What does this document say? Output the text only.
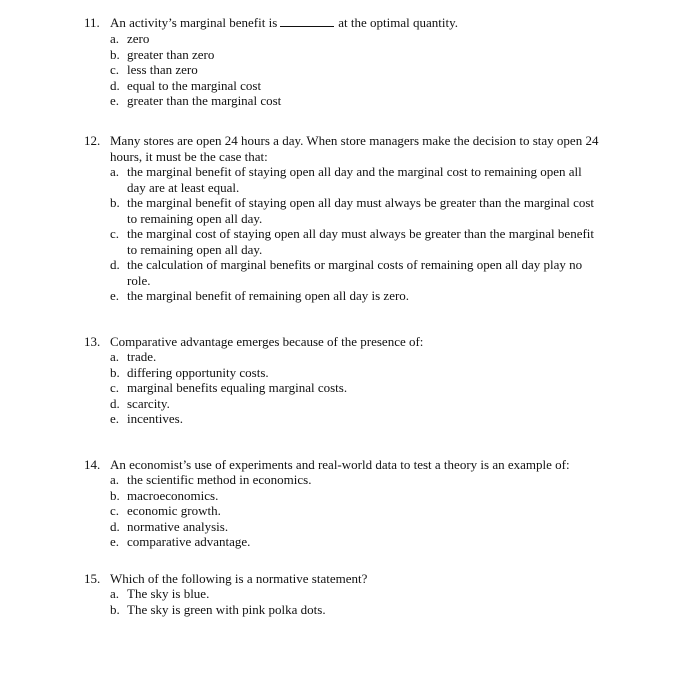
11. An activity’s marginal benefit is	at the optimal quantity.
a. zero
b. greater than zero
c. less than zero
d. equal to the marginal cost
e. greater than the marginal cost
12. Many stores are open 24 hours a day. When store managers make the decision to stay open 24 hours, it must be the case that:
a. the marginal benefit of staying open all day and the marginal cost to remaining open all day are at least equal.
b. the marginal benefit of staying open all day must always be greater than the marginal cost to remaining open all day.
c. the marginal cost of staying open all day must always be greater than the marginal benefit to remaining open all day.
d. the calculation of marginal benefits or marginal costs of remaining open all day play no role.
e. the marginal benefit of remaining open all day is zero.
13. Comparative advantage emerges because of the presence of:
a. trade.
b. differing opportunity costs.
c. marginal benefits equaling marginal costs.
d. scarcity.
e. incentives.
14. An economist’s use of experiments and real-world data to test a theory is an example of:
a. the scientific method in economics.
b. macroeconomics.
c. economic growth.
d. normative analysis.
e. comparative advantage.
15. Which of the following is a normative statement?
a. The sky is blue.
b. The sky is green with pink polka dots.
